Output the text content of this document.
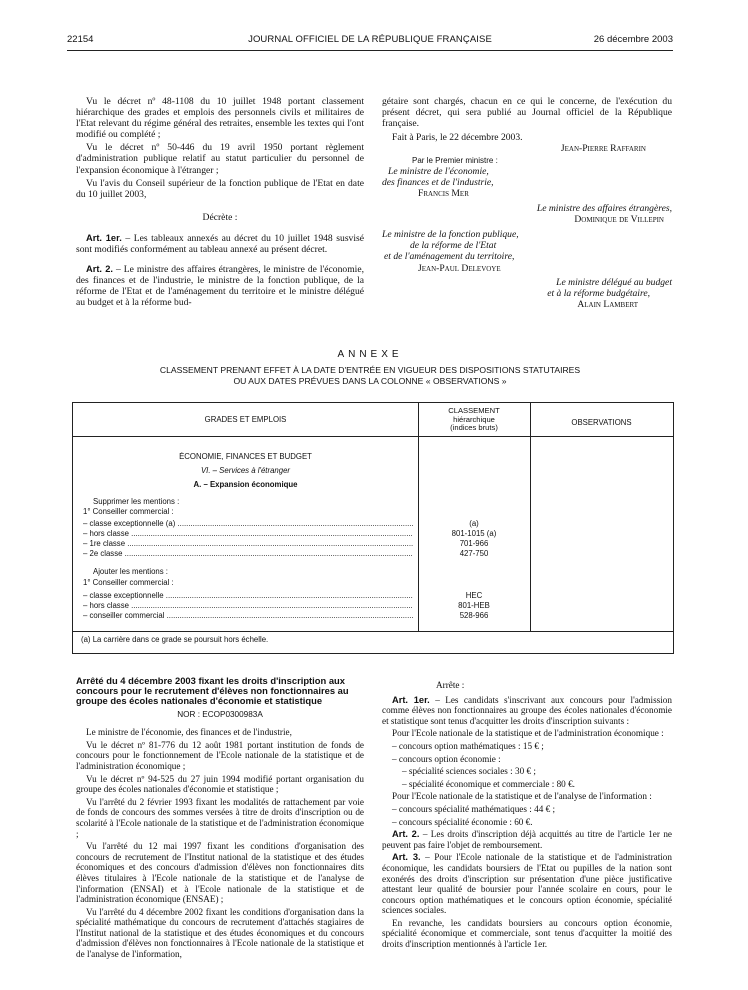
22154	JOURNAL OFFICIEL DE LA RÉPUBLIQUE FRANÇAISE	26 décembre 2003

Vu le décret nº 48-1108 du 10 juillet 1948 portant classement hiérarchique des grades et emplois des personnels civils et militaires de l'Etat relevant du régime général des retraites, ensemble les textes qui l'ont modifié ou complété ;

Vu le décret nº 50-446 du 19 avril 1950 portant règlement d'administration publique relatif au statut particulier du personnel de l'expansion économique à l'étranger ;

Vu l'avis du Conseil supérieur de la fonction publique de l'Etat en date du 10 juillet 2003,

Décrète :

Art. 1er. – Les tableaux annexés au décret du 10 juillet 1948 susvisé sont modifiés conformément au tableau annexé au présent décret.

Art. 2. – Le ministre des affaires étrangères, le ministre de l'économie, des finances et de l'industrie, le ministre de la fonction publique, de la réforme de l'Etat et de l'aménagement du territoire et le ministre délégué au budget et à la réforme bud-

gétaire sont chargés, chacun en ce qui le concerne, de l'exécution du présent décret, qui sera publié au Journal officiel de la République française.

Fait à Paris, le 22 décembre 2003.
Jean-Pierre Raffarin
Par le Premier ministre :
Le ministre de l'économie,
des finances et de l'industrie,
Francis Mer
Le ministre des affaires étrangères,
Dominique de Villepin
Le ministre de la fonction publique,
de la réforme de l'Etat
et de l'aménagement du territoire,
Jean-Paul Delevoye
Le ministre délégué au budget
et à la réforme budgétaire,
Alain Lambert
ANNEXE
CLASSEMENT PRENANT EFFET À LA DATE D'ENTRÉE EN VIGUEUR DES DISPOSITIONS STATUTAIRES
OU AUX DATES PRÉVUES DANS LA COLONNE « OBSERVATIONS »
GRADES ET EMPLOIS
CLASSEMENT
hiérarchique
(indices bruts)
OBSERVATIONS
ÉCONOMIE, FINANCES ET BUDGET
VI. – Services à l'étranger
A. – Expansion économique
Supprimer les mentions :
1° Conseiller commercial :
– classe exceptionnelle (a) .....	(a)
– hors classe .....	801-1015 (a)
– 1re classe .....	701-966
– 2e classe .....	427-750
Ajouter les mentions :
1° Conseiller commercial :
– classe exceptionnelle .....	HEC
– hors classe .....	801-HEB
– conseiller commercial .....	528-966
(a) La carrière dans ce grade se poursuit hors échelle.
Arrêté du 4 décembre 2003 fixant les droits d'inscription aux concours pour le recrutement d'élèves non fonctionnaires au groupe des écoles nationales d'économie et statistique
NOR : ECOP0300983A

Le ministre de l'économie, des finances et de l'industrie,

Vu le décret nº 81-776 du 12 août 1981 portant institution de fonds de concours pour le fonctionnement de l'Ecole nationale de la statistique et de l'administration économique ;

Vu le décret nº 94-525 du 27 juin 1994 modifié portant organisation du groupe des écoles nationales d'économie et statistique ;

Vu l'arrêté du 2 février 1993 fixant les modalités de rattachement par voie de fonds de concours des sommes versées à titre de droits d'inscription ou de scolarité à l'Ecole nationale de la statistique et de l'administration économique ;

Vu l'arrêté du 12 mai 1997 fixant les conditions d'organisation des concours de recrutement de l'Institut national de la statistique et des études économiques et des concours d'admission d'élèves non fonctionnaires dits élèves titulaires à l'Ecole nationale de la statistique et de l'analyse de l'information (ENSAI) et à l'Ecole nationale de la statistique et de l'administration économique (ENSAE) ;

Vu l'arrêté du 4 décembre 2002 fixant les conditions d'organisation dans la spécialité mathématique du concours de recrutement d'attachés stagiaires de l'Institut national de la statistique et des études économiques et du concours d'admission d'élèves non fonctionnaires à l'Ecole nationale de la statistique et de l'analyse de l'information,

Arrête :

Art. 1er. – Les candidats s'inscrivant aux concours pour l'admission comme élèves non fonctionnaires au groupe des écoles nationales d'économie et statistique sont tenus d'acquitter les droits d'inscription suivants :

Pour l'Ecole nationale de la statistique et de l'administration économique :

– concours option mathématiques : 15 € ;

– concours option économie :

– spécialité sciences sociales : 30 € ;

– spécialité économique et commerciale : 80 €.

Pour l'Ecole nationale de la statistique et de l'analyse de l'information :

– concours spécialité mathématiques : 44 € ;

– concours spécialité économie : 60 €.

Art. 2. – Les droits d'inscription déjà acquittés au titre de l'article 1er ne peuvent pas faire l'objet de remboursement.

Art. 3. – Pour l'Ecole nationale de la statistique et de l'administration économique, les candidats boursiers de l'Etat ou pupilles de la nation sont exonérés des droits d'inscription sur présentation d'une pièce justificative attestant leur qualité de boursier pour l'année scolaire en cours, pour le concours option mathématiques et le concours option économie, spécialité sciences sociales.

En revanche, les candidats boursiers au concours option économie, spécialité économique et commerciale, sont tenus d'acquitter la moitié des droits d'inscription mentionnés à l'article 1er.
